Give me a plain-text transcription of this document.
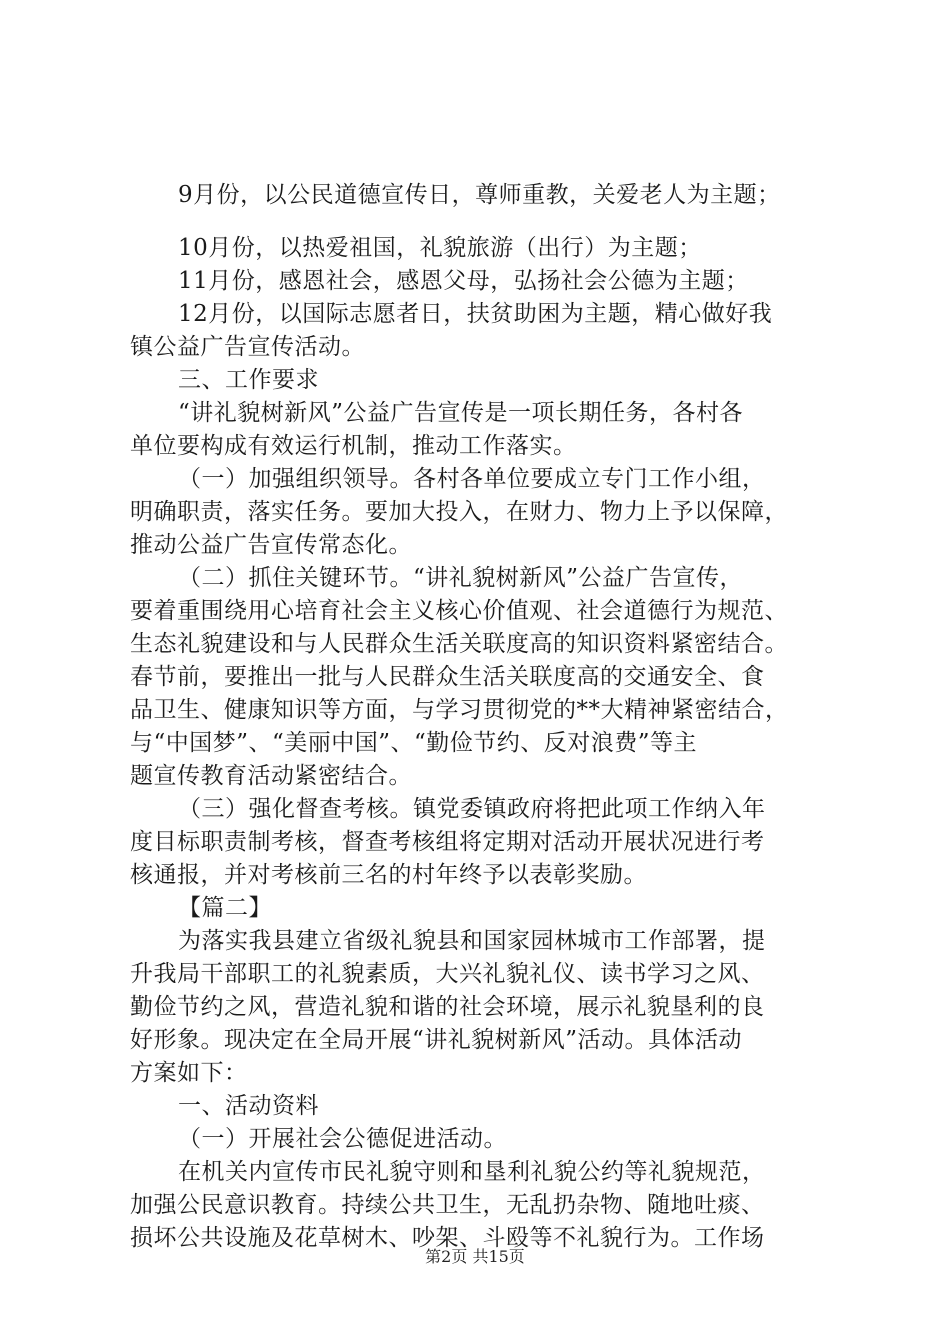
9月份，以公民道德宣传日，尊师重教，关爱老人为主题；
10月份，以热爱祖国，礼貌旅游（出行）为主题；
11月份，感恩社会，感恩父母，弘扬社会公德为主题；
12月份，以国际志愿者日，扶贫助困为主题，精心做好我
镇公益广告宣传活动。
三、工作要求
“讲礼貌树新风”公益广告宣传是一项长期任务，各村各
单位要构成有效运行机制，推动工作落实。
（一）加强组织领导。各村各单位要成立专门工作小组，
明确职责，落实任务。要加大投入，在财力、物力上予以保障，
推动公益广告宣传常态化。
（二）抓住关键环节。“讲礼貌树新风”公益广告宣传，
要着重围绕用心培育社会主义核心价值观、社会道德行为规范、
生态礼貌建设和与人民群众生活关联度高的知识资料紧密结合。
春节前，要推出一批与人民群众生活关联度高的交通安全、食
品卫生、健康知识等方面，与学习贯彻党的**大精神紧密结合，
与“中国梦”、“美丽中国”、“勤俭节约、反对浪费”等主
题宣传教育活动紧密结合。
（三）强化督查考核。镇党委镇政府将把此项工作纳入年
度目标职责制考核，督查考核组将定期对活动开展状况进行考
核通报，并对考核前三名的村年终予以表彰奖励。
【篇二】
为落实我县建立省级礼貌县和国家园林城市工作部署，提
升我局干部职工的礼貌素质，大兴礼貌礼仪、读书学习之风、
勤俭节约之风，营造礼貌和谐的社会环境，展示礼貌垦利的良
好形象。现决定在全局开展“讲礼貌树新风”活动。具体活动
方案如下：
一、活动资料
（一）开展社会公德促进活动。
在机关内宣传市民礼貌守则和垦利礼貌公约等礼貌规范，
加强公民意识教育。持续公共卫生，无乱扔杂物、随地吐痰、
损坏公共设施及花草树木、吵架、斗殴等不礼貌行为。工作场
第2页 共15页
